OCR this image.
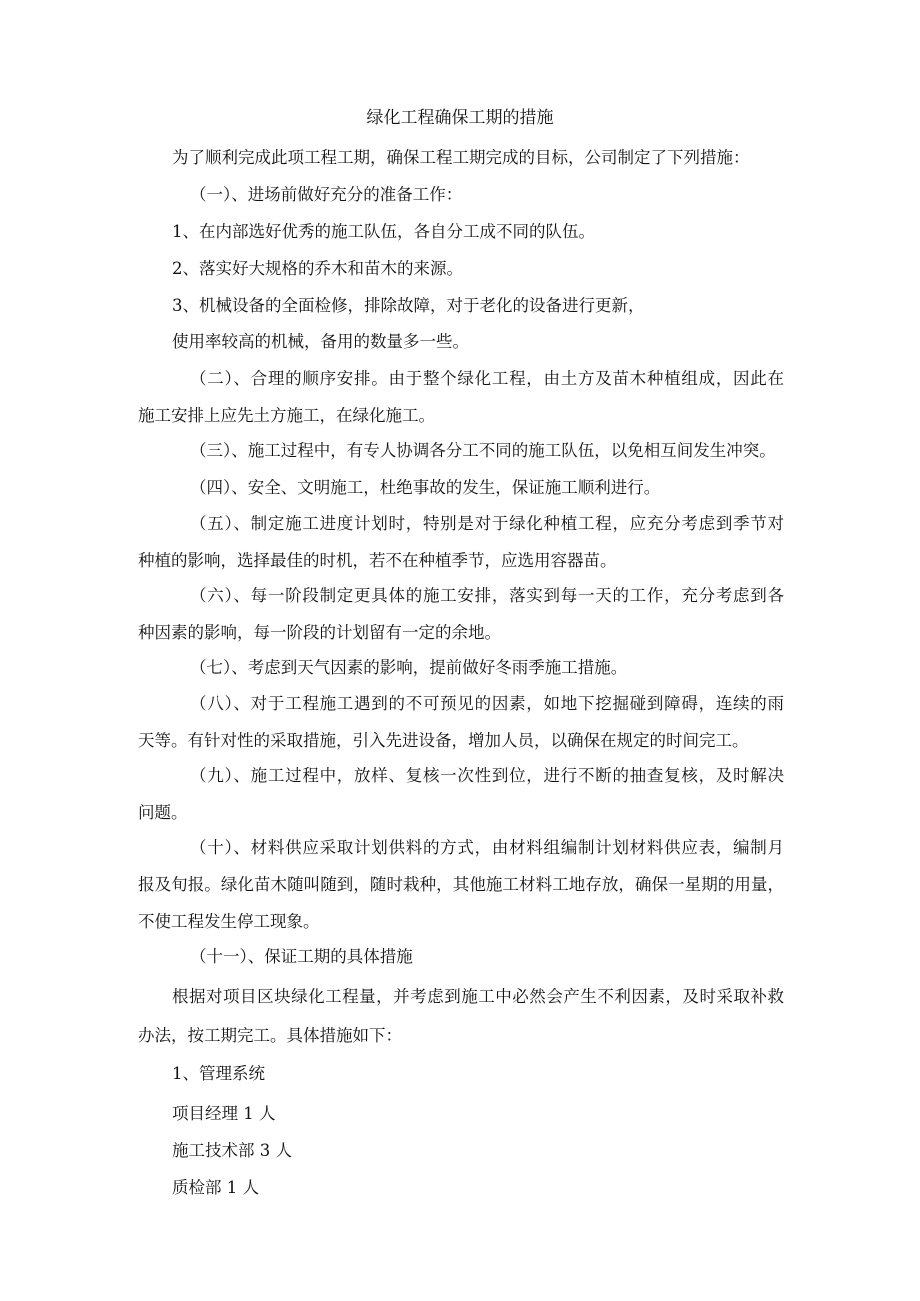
绿化工程确保工期的措施

为了顺利完成此项工程工期，确保工程工期完成的目标，公司制定了下列措施：

（一）、进场前做好充分的准备工作：

1、在内部选好优秀的施工队伍，各自分工成不同的队伍。

2、落实好大规格的乔木和苗木的来源。

3、机械设备的全面检修，排除故障，对于老化的设备进行更新，

使用率较高的机械，备用的数量多一些。

（二）、合理的顺序安排。由于整个绿化工程，由土方及苗木种植组成，因此在
施工安排上应先土方施工，在绿化施工。

（三）、施工过程中，有专人协调各分工不同的施工队伍，以免相互间发生冲突。

（四）、安全、文明施工，杜绝事故的发生，保证施工顺利进行。

（五）、制定施工进度计划时，特别是对于绿化种植工程，应充分考虑到季节对
种植的影响，选择最佳的时机，若不在种植季节，应选用容器苗。
（六）、每一阶段制定更具体的施工安排，落实到每一天的工作，充分考虑到各
种因素的影响，每一阶段的计划留有一定的余地。

（七）、考虑到天气因素的影响，提前做好冬雨季施工措施。

（八）、对于工程施工遇到的不可预见的因素，如地下挖掘碰到障碍，连续的雨
天等。有针对性的采取措施，引入先进设备，增加人员，以确保在规定的时间完工。
（九）、施工过程中，放样、复核一次性到位，进行不断的抽查复核，及时解决
问题。
（十）、材料供应采取计划供料的方式，由材料组编制计划材料供应表，编制月
报及旬报。绿化苗木随叫随到，随时栽种，其他施工材料工地存放，确保一星期的用量，
不使工程发生停工现象。

（十一）、保证工期的具体措施

根据对项目区块绿化工程量，并考虑到施工中必然会产生不利因素，及时采取补救
办法，按工期完工。具体措施如下：

1、管理系统

项目经理 1 人

施工技术部 3 人

质检部 1 人
